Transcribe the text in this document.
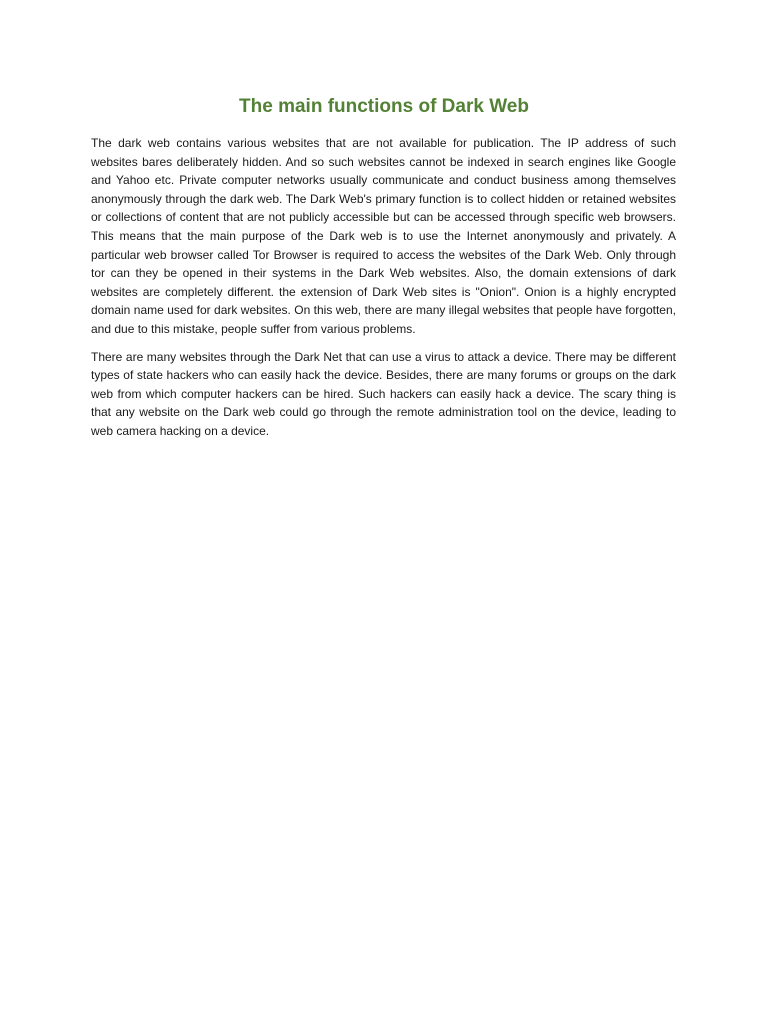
The main functions of Dark Web

The dark web contains various websites that are not available for publication. The IP address of such websites bares deliberately hidden. And so such websites cannot be indexed in search engines like Google and Yahoo etc. Private computer networks usually communicate and conduct business among themselves anonymously through the dark web. The Dark Web's primary function is to collect hidden or retained websites or collections of content that are not publicly accessible but can be accessed through specific web browsers. This means that the main purpose of the Dark web is to use the Internet anonymously and privately. A particular web browser called Tor Browser is required to access the websites of the Dark Web. Only through tor can they be opened in their systems in the Dark Web websites. Also, the domain extensions of dark websites are completely different. the extension of Dark Web sites is "Onion". Onion is a highly encrypted domain name used for dark websites. On this web, there are many illegal websites that people have forgotten, and due to this mistake, people suffer from various problems.

There are many websites through the Dark Net that can use a virus to attack a device. There may be different types of state hackers who can easily hack the device. Besides, there are many forums or groups on the dark web from which computer hackers can be hired. Such hackers can easily hack a device. The scary thing is that any website on the Dark web could go through the remote administration tool on the device, leading to web camera hacking on a device.
